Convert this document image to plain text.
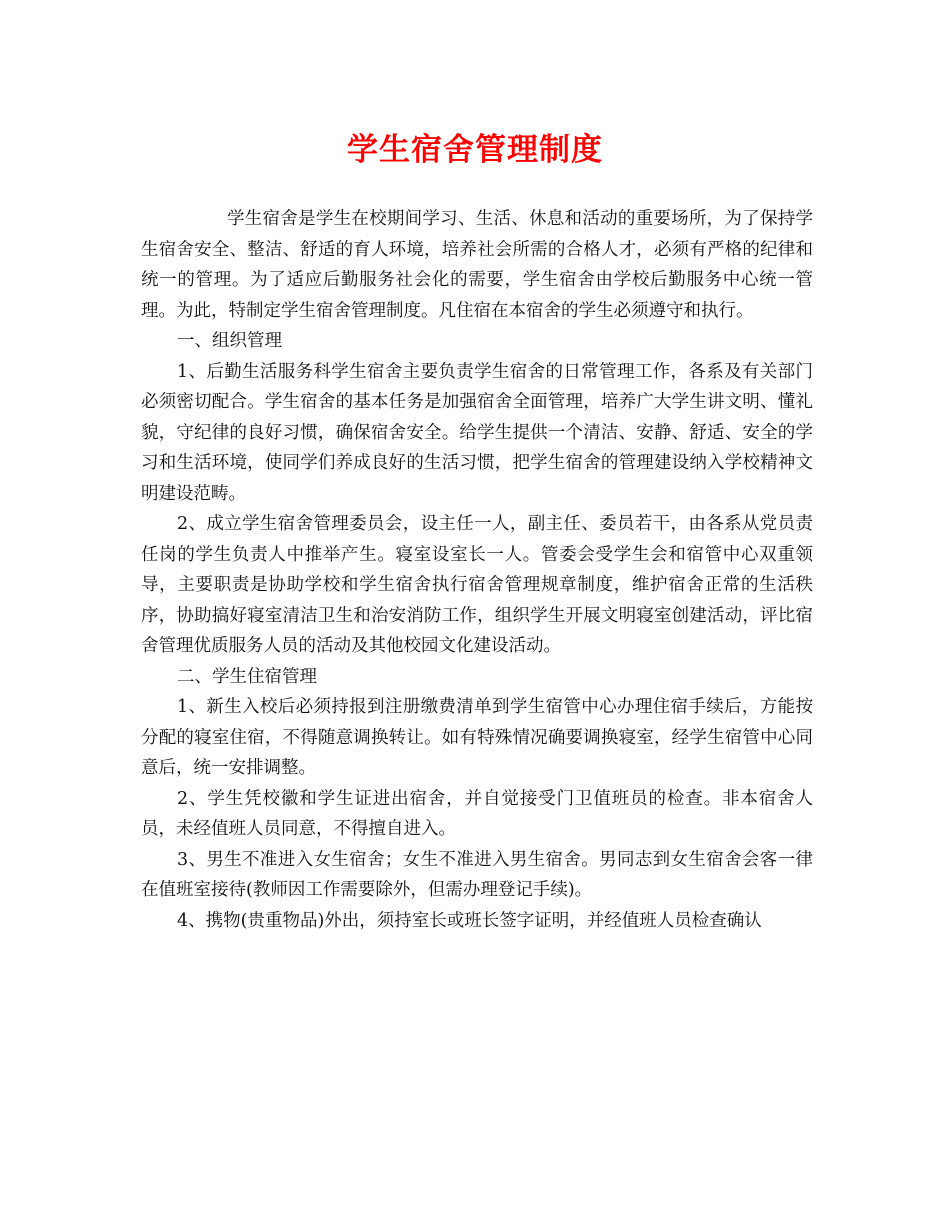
学生宿舍管理制度

学生宿舍是学生在校期间学习、生活、休息和活动的重要场所，为了保持学生宿舍安全、整洁、舒适的育人环境，培养社会所需的合格人才，必须有严格的纪律和统一的管理。为了适应后勤服务社会化的需要，学生宿舍由学校后勤服务中心统一管理。为此，特制定学生宿舍管理制度。凡住宿在本宿舍的学生必须遵守和执行。

一、组织管理

1、后勤生活服务科学生宿舍主要负责学生宿舍的日常管理工作，各系及有关部门必须密切配合。学生宿舍的基本任务是加强宿舍全面管理，培养广大学生讲文明、懂礼貌，守纪律的良好习惯，确保宿舍安全。给学生提供一个清洁、安静、舒适、安全的学习和生活环境，使同学们养成良好的生活习惯，把学生宿舍的管理建设纳入学校精神文明建设范畴。

2、成立学生宿舍管理委员会，设主任一人，副主任、委员若干，由各系从党员责任岗的学生负责人中推举产生。寝室设室长一人。管委会受学生会和宿管中心双重领导，主要职责是协助学校和学生宿舍执行宿舍管理规章制度，维护宿舍正常的生活秩序，协助搞好寝室清洁卫生和治安消防工作，组织学生开展文明寝室创建活动，评比宿舍管理优质服务人员的活动及其他校园文化建设活动。

二、学生住宿管理

1、新生入校后必须持报到注册缴费清单到学生宿管中心办理住宿手续后，方能按分配的寝室住宿，不得随意调换转让。如有特殊情况确要调换寝室，经学生宿管中心同意后，统一安排调整。

2、学生凭校徽和学生证进出宿舍，并自觉接受门卫值班员的检查。非本宿舍人员，未经值班人员同意，不得擅自进入。

3、男生不准进入女生宿舍；女生不准进入男生宿舍。男同志到女生宿舍会客一律在值班室接待(教师因工作需要除外，但需办理登记手续)。

4、携物(贵重物品)外出，须持室长或班长签字证明，并经值班人员检查确认
